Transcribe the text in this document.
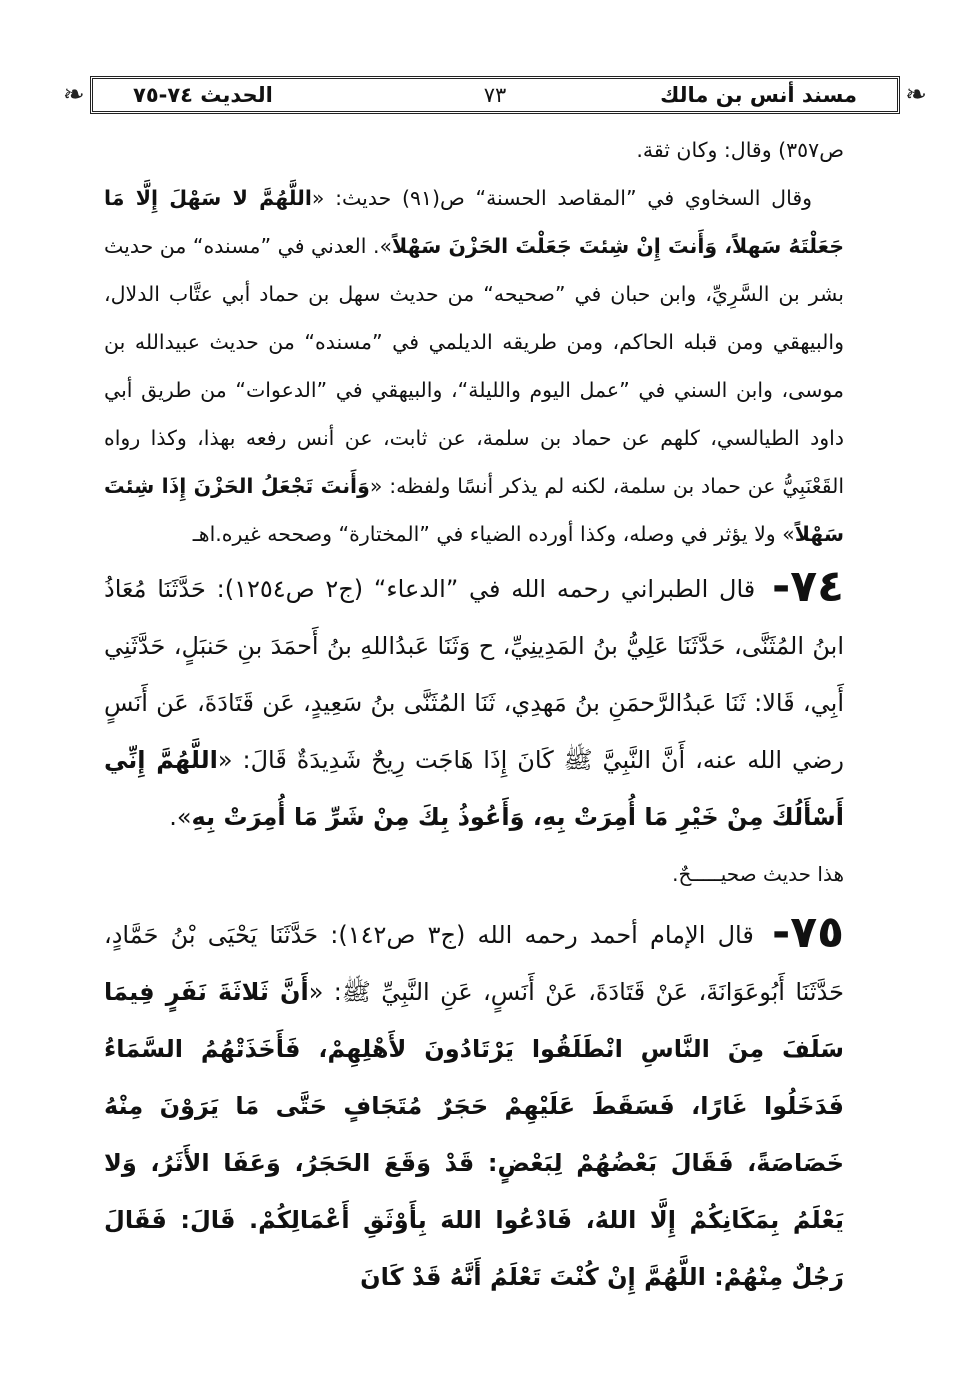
❧
مسند أنس بن مالك
٧٣
الحديث ٧٤-٧٥
❧

ص٣٥٧) وقال: وكان ثقة.

وقال السخاوي في ”المقاصد الحسنة“ ص(٩١) حديث: «اللَّهُمَّ لا سَهْلَ إِلَّا مَا جَعَلْتَهُ سَهلاً، وَأَنتَ إِنْ شِئتَ جَعَلْتَ الحَزْنَ سَهْلاً». العدني في ”مسنده“ من حديث بشر بن السَّرِيِّ، وابن حبان في ”صحيحه“ من حديث سهل بن حماد أبي عتَّاب الدلال، والبيهقي ومن قبله الحاكم، ومن طريقه الديلمي في ”مسنده“ من حديث عبيدالله بن موسى، وابن السني في ”عمل اليوم والليلة“، والبيهقي في ”الدعوات“ من طريق أبي داود الطيالسي، كلهم عن حماد بن سلمة، عن ثابت، عن أنس رفعه بهذا، وكذا رواه القَعْنَبِيُّ عن حماد بن سلمة، لكنه لم يذكر أنسًا ولفظه: «وَأَنتَ تَجْعَلُ الحَزْنَ إِذَا شِئتَ سَهْلاً» ولا يؤثر في وصله، وكذا أورده الضياء في ”المختارة“ وصححه غيره.اهـ

٧٤- قال الطبراني رحمه الله في ”الدعاء“ (ج٢ ص١٢٥٤): حَدَّثَنَا مُعَاذُ ابنُ المُثَنَّى، حَدَّثَنَا عَلِيُّ بنُ المَدِينِيِّ، ح وَثَنَا عَبدُاللهِ بنُ أَحمَدَ بنِ حَنبَلٍ، حَدَّثَنِي أَبِي، قَالا: ثَنَا عَبدُالرَّحمَنِ بنُ مَهدِي، ثَنَا المُثَنَّى بنُ سَعِيدٍ، عَن قَتَادَةَ، عَن أَنَسٍ رضي الله عنه، أَنَّ النَّبِيَّ ﷺ كَانَ إِذَا هَاجَت رِيحٌ شَدِيدَةٌ قَالَ: «اللَّهُمَّ إِنِّي أَسْأَلُكَ مِنْ خَيْرِ مَا أُمِرَتْ بِهِ، وَأَعُوذُ بِكَ مِنْ شَرِّ مَا أُمِرَتْ بِهِ».

هذا حديث صحيـــــحٌ.

٧٥- قال الإمام أحمد رحمه الله (ج٣ ص١٤٢): حَدَّثَنَا يَحْيَى بْنُ حَمَّادٍ، حَدَّثَنَا أَبُوعَوَانَةَ، عَنْ قَتَادَةَ، عَنْ أَنَسٍ، عَنِ النَّبِيِّ ﷺ: «أَنَّ ثَلاثَةَ نَفَرٍ فِيمَا سَلَفَ مِنَ النَّاسِ انْطَلَقُوا يَرْتَادُونَ لأَهْلِهِمْ، فَأَخَذَتْهُمُ السَّمَاءُ فَدَخَلُوا غَارًا، فَسَقَطَ عَلَيْهِمْ حَجَرٌ مُتَجَافٍ حَتَّى مَا يَرَوْنَ مِنْهُ خَصَاصَةً، فَقَالَ بَعْضُهُمْ لِبَعْضٍ: قَدْ وَقَعَ الحَجَرُ، وَعَفَا الأَثَرُ، وَلا يَعْلَمُ بِمَكَانِكُمْ إِلَّا اللهُ، فَادْعُوا اللهَ بِأَوْثَقِ أَعْمَالِكُمْ. قَالَ: فَقَالَ رَجُلٌ مِنْهُمْ: اللَّهُمَّ إِنْ كُنْتَ تَعْلَمُ أَنَّهُ قَدْ كَانَ
